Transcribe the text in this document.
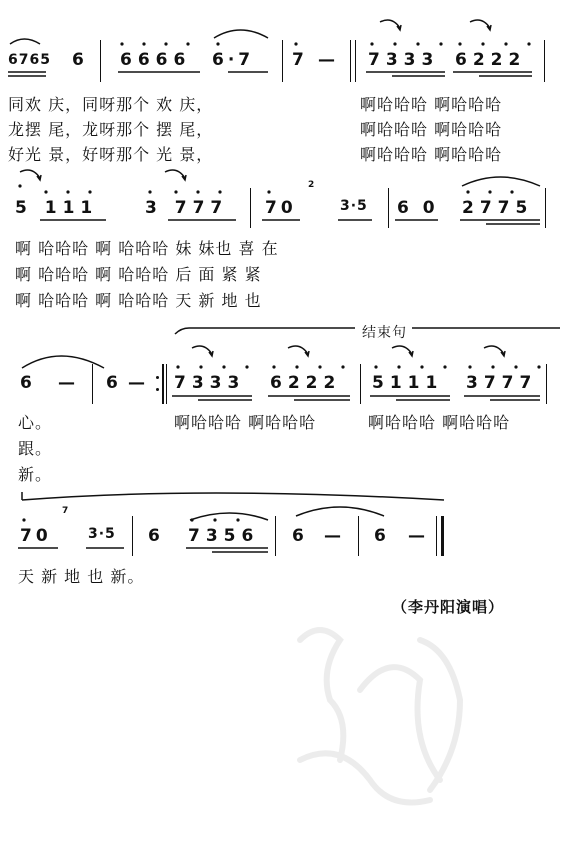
6765 6 6666 6·7 7 — 7333 6222
同欢 庆，同呀那个 欢 庆，	啊哈哈哈 啊哈哈哈
龙摆 尾，龙呀那个 摆 尾，	啊哈哈哈 啊哈哈哈
好光 景，好呀那个 光 景，	啊哈哈哈 啊哈哈哈
5 111	3 777 70
2
3·5 6 0 2775
啊 哈哈哈 啊 哈哈哈 妹 妹也 喜 在
啊 哈哈哈 啊 哈哈哈 后 面 紧 紧
啊 哈哈哈 啊 哈哈哈 天 新 地 也
结束句
6 — 6 — 7333 6222 5111 3777
心。	啊哈哈哈 啊哈哈哈	啊哈哈哈 啊哈哈哈
跟。
新。
70
7
3·5 6 7356 6 — 6 —
天 新 地 也 新。
（李丹阳演唱）
